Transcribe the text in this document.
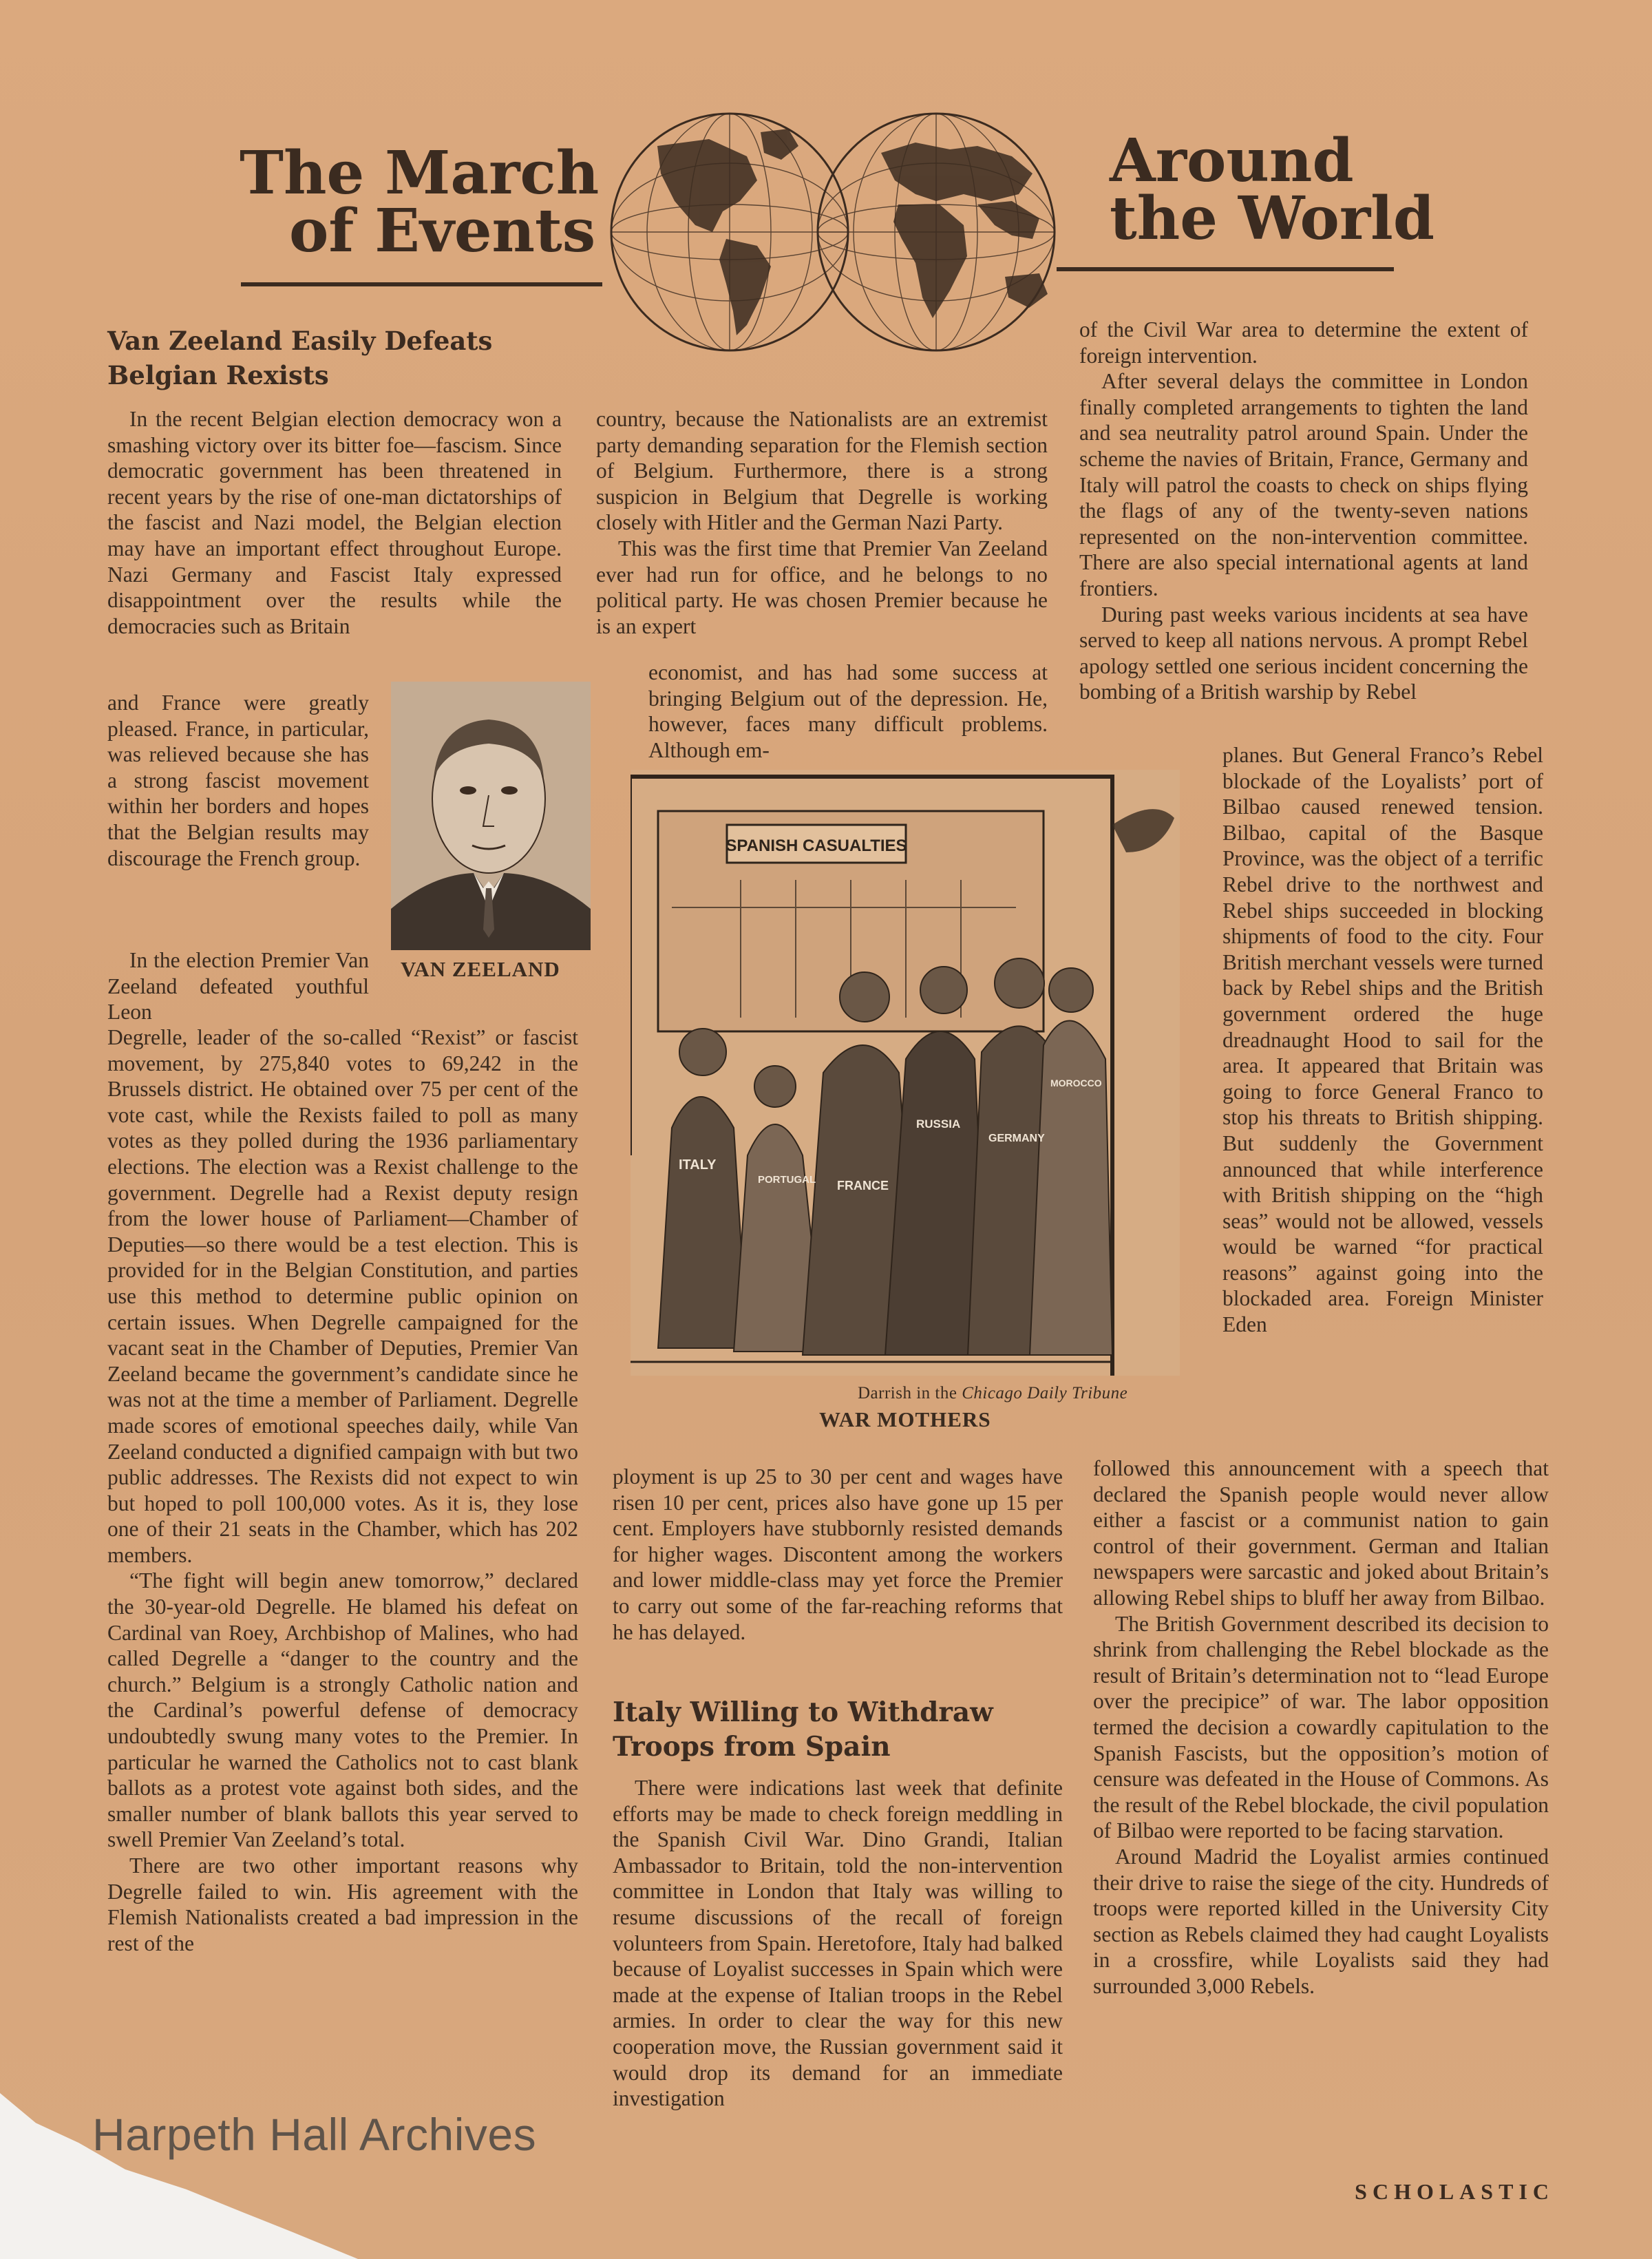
The March
of Events
Around
the World
Van Zeeland Easily Defeats
Belgian Rexists

In the recent Belgian election democracy won a smashing victory over its bitter foe—fascism. Since democratic government has been threatened in recent years by the rise of one-man dictatorships of the fascist and Nazi model, the Belgian election may have an important effect throughout Europe. Nazi Germany and Fascist Italy expressed disappointment over the results while the democracies such as Britain

and France were greatly pleased. France, in particular, was relieved because she has a strong fascist movement within her borders and hopes that the Belgian results may discourage the French group.

In the election Premier Van Zeeland defeated youthful Leon

Degrelle, leader of the so-called “Rexist” or fascist movement, by 275,840 votes to 69,242 in the Brussels district. He obtained over 75 per cent of the vote cast, while the Rexists failed to poll as many votes as they polled during the 1936 parliamentary elections. The election was a Rexist challenge to the government. Degrelle had a Rexist deputy resign from the lower house of Parliament—Chamber of Deputies—so there would be a test election. This is provided for in the Belgian Constitution, and parties use this method to determine public opinion on certain issues. When Degrelle campaigned for the vacant seat in the Chamber of Deputies, Premier Van Zeeland became the government’s candidate since he was not at the time a member of Parliament. Degrelle made scores of emotional speeches daily, while Van Zeeland conducted a dignified campaign with but two public addresses. The Rexists did not expect to win but hoped to poll 100,000 votes. As it is, they lose one of their 21 seats in the Chamber, which has 202 members.

“The fight will begin anew tomorrow,” declared the 30-year-old Degrelle. He blamed his defeat on Cardinal van Roey, Archbishop of Malines, who had called Degrelle a “danger to the country and the church.” Belgium is a strongly Catholic nation and the Cardinal’s powerful defense of democracy undoubtedly swung many votes to the Premier. In particular he warned the Catholics not to cast blank ballots as a protest vote against both sides, and the smaller number of blank ballots this year served to swell Premier Van Zeeland’s total.

There are two other important reasons why Degrelle failed to win. His agreement with the Flemish Nationalists created a bad impression in the rest of the

VAN ZEELAND

country, because the Nationalists are an extremist party demanding separation for the Flemish section of Belgium. Furthermore, there is a strong suspicion in Belgium that Degrelle is working closely with Hitler and the German Nazi Party.

This was the first time that Premier Van Zeeland ever had run for office, and he belongs to no political party. He was chosen Premier because he is an expert

economist, and has had some success at bringing Belgium out of the depression. He, however, faces many difficult problems. Although em-

SPANISH CASUALTIES
ITALY
PORTUGAL FRANCE
RUSSIA
GERMANY
MOROCCO
Darrish in the Chicago Daily Tribune
WAR MOTHERS

ployment is up 25 to 30 per cent and wages have risen 10 per cent, prices also have gone up 15 per cent. Employers have stubbornly resisted demands for higher wages. Discontent among the workers and lower middle-class may yet force the Premier to carry out some of the far-reaching reforms that he has delayed.

Italy Willing to Withdraw
Troops from Spain

There were indications last week that definite efforts may be made to check foreign meddling in the Spanish Civil War. Dino Grandi, Italian Ambassador to Britain, told the non-intervention committee in London that Italy was willing to resume discussions of the recall of foreign volunteers from Spain. Heretofore, Italy had balked because of Loyalist successes in Spain which were made at the expense of Italian troops in the Rebel armies. In order to clear the way for this new cooperation move, the Russian government said it would drop its demand for an immediate investigation

of the Civil War area to determine the extent of foreign intervention.

After several delays the committee in London finally completed arrangements to tighten the land and sea neutrality patrol around Spain. Under the scheme the navies of Britain, France, Germany and Italy will patrol the coasts to check on ships flying the flags of any of the twenty-seven nations represented on the non-intervention committee. There are also special international agents at land frontiers.

During past weeks various incidents at sea have served to keep all nations nervous. A prompt Rebel apology settled one serious incident concerning the bombing of a British warship by Rebel

planes. But General Franco’s Rebel blockade of the Loyalists’ port of Bilbao caused renewed tension. Bilbao, capital of the Basque Province, was the object of a terrific Rebel drive to the northwest and Rebel ships succeeded in blocking shipments of food to the city. Four British merchant vessels were turned back by Rebel ships and the British government ordered the huge dreadnaught Hood to sail for the area. It appeared that Britain was going to force General Franco to stop his threats to British shipping. But suddenly the Government announced that while interference with British shipping on the “high seas” would not be allowed, vessels would be warned “for practical reasons” against going into the blockaded area. Foreign Minister Eden

followed this announcement with a speech that declared the Spanish people would never allow either a fascist or a communist nation to gain control of their government. German and Italian newspapers were sarcastic and joked about Britain’s allowing Rebel ships to bluff her away from Bilbao.

The British Government described its decision to shrink from challenging the Rebel blockade as the result of Britain’s determination not to “lead Europe over the precipice” of war. The labor opposition termed the decision a cowardly capitulation to the Spanish Fascists, but the opposition’s motion of censure was defeated in the House of Commons. As the result of the Rebel blockade, the civil population of Bilbao were reported to be facing starvation.

Around Madrid the Loyalist armies continued their drive to raise the siege of the city. Hundreds of troops were reported killed in the University City section as Rebels claimed they had caught Loyalists in a crossfire, while Loyalists said they had surrounded 3,000 Rebels.

SCHOLASTIC
Harpeth Hall Archives
